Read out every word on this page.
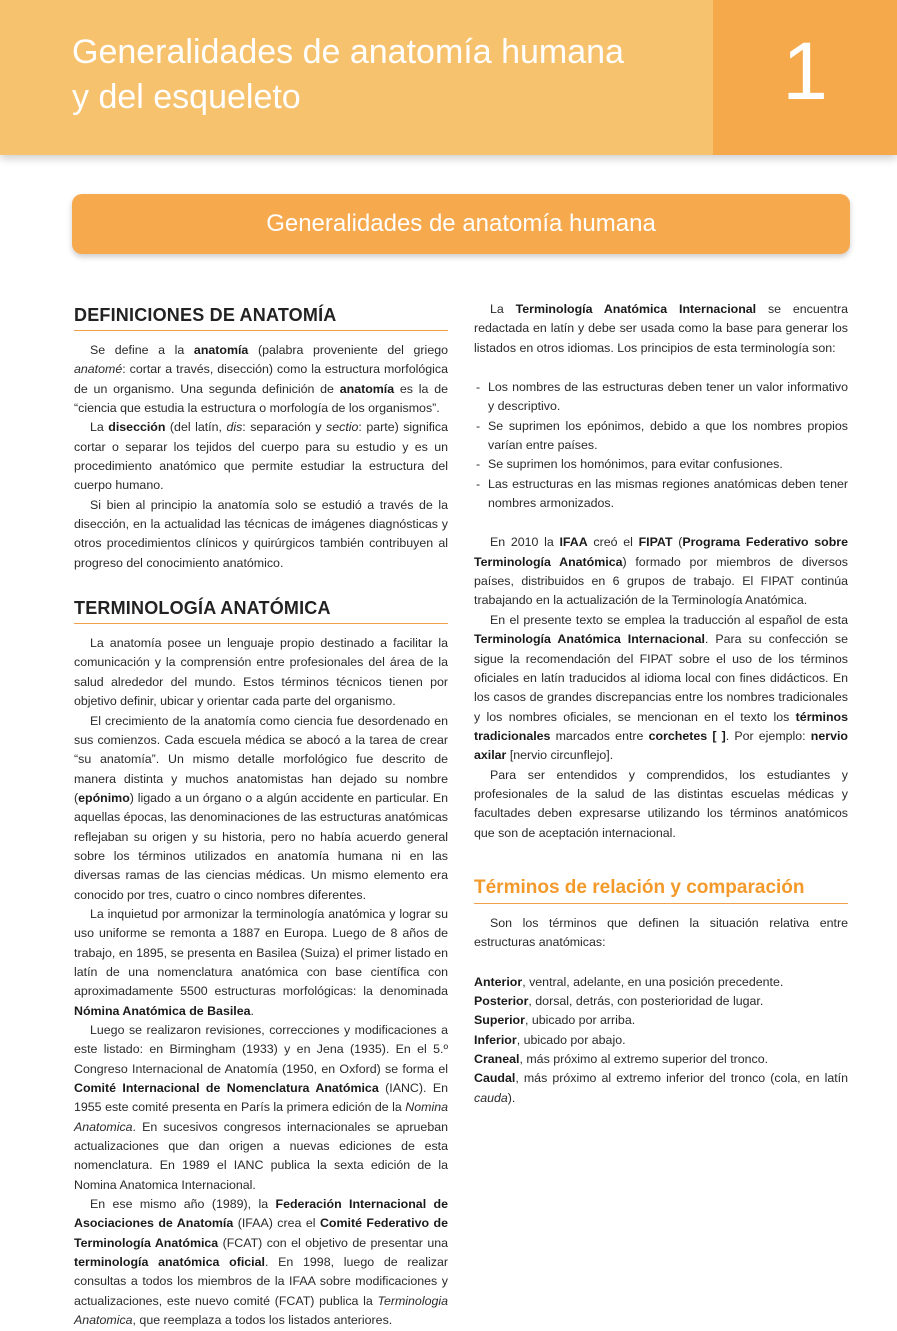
Generalidades de anatomía humana
y del esqueleto	1
Generalidades de anatomía humana
DEFINICIONES DE ANATOMÍA

Se define a la anatomía (palabra proveniente del griego anatomé: cortar a través, disección) como la estructura morfológica de un organismo. Una segunda definición de anatomía es la de “ciencia que estudia la estructura o morfología de los organismos”.

La disección (del latín, dis: separación y sectio: parte) significa cortar o separar los tejidos del cuerpo para su estudio y es un procedimiento anatómico que permite estudiar la estructura del cuerpo humano.

Si bien al principio la anatomía solo se estudió a través de la disección, en la actualidad las técnicas de imágenes diagnósticas y otros procedimientos clínicos y quirúrgicos también contribuyen al progreso del conocimiento anatómico.

TERMINOLOGÍA ANATÓMICA

La anatomía posee un lenguaje propio destinado a facilitar la comunicación y la comprensión entre profesionales del área de la salud alrededor del mundo. Estos términos técnicos tienen por objetivo definir, ubicar y orientar cada parte del organismo.

El crecimiento de la anatomía como ciencia fue desordenado en sus comienzos. Cada escuela médica se abocó a la tarea de crear “su anatomía”. Un mismo detalle morfológico fue descrito de manera distinta y muchos anatomistas han dejado su nombre (epónimo) ligado a un órgano o a algún accidente en particular. En aquellas épocas, las denominaciones de las estructuras anatómicas reflejaban su origen y su historia, pero no había acuerdo general sobre los términos utilizados en anatomía humana ni en las diversas ramas de las ciencias médicas. Un mismo elemento era conocido por tres, cuatro o cinco nombres diferentes.

La inquietud por armonizar la terminología anatómica y lograr su uso uniforme se remonta a 1887 en Europa. Luego de 8 años de trabajo, en 1895, se presenta en Basilea (Suiza) el primer listado en latín de una nomenclatura anatómica con base científica con aproximadamente 5500 estructuras morfológicas: la denominada Nómina Anatómica de Basilea.

Luego se realizaron revisiones, correcciones y modificaciones a este listado: en Birmingham (1933) y en Jena (1935). En el 5.º Congreso Internacional de Anatomía (1950, en Oxford) se forma el Comité Internacional de Nomenclatura Anatómica (IANC). En 1955 este comité presenta en París la primera edición de la Nomina Anatomica. En sucesivos congresos internacionales se aprueban actualizaciones que dan origen a nuevas ediciones de esta nomenclatura. En 1989 el IANC publica la sexta edición de la Nomina Anatomica Internacional.

En ese mismo año (1989), la Federación Internacional de Asociaciones de Anatomía (IFAA) crea el Comité Federativo de Terminología Anatómica (FCAT) con el objetivo de presentar una terminología anatómica oficial. En 1998, luego de realizar consultas a todos los miembros de la IFAA sobre modificaciones y actualizaciones, este nuevo comité (FCAT) publica la Terminologia Anatomica, que reemplaza a todos los listados anteriores.

La Terminología Anatómica Internacional se encuentra redactada en latín y debe ser usada como la base para generar los listados en otros idiomas. Los principios de esta terminología son:

- Los nombres de las estructuras deben tener un valor informativo y descriptivo.
- Se suprimen los epónimos, debido a que los nombres propios varían entre países.
- Se suprimen los homónimos, para evitar confusiones.
- Las estructuras en las mismas regiones anatómicas deben tener nombres armonizados.

En 2010 la IFAA creó el FIPAT (Programa Federativo sobre Terminología Anatómica) formado por miembros de diversos países, distribuidos en 6 grupos de trabajo. El FIPAT continúa trabajando en la actualización de la Terminología Anatómica.

En el presente texto se emplea la traducción al español de esta Terminología Anatómica Internacional. Para su confección se sigue la recomendación del FIPAT sobre el uso de los términos oficiales en latín traducidos al idioma local con fines didácticos. En los casos de grandes discrepancias entre los nombres tradicionales y los nombres oficiales, se mencionan en el texto los términos tradicionales marcados entre corchetes [ ]. Por ejemplo: nervio axilar [nervio circunflejo].

Para ser entendidos y comprendidos, los estudiantes y profesionales de la salud de las distintas escuelas médicas y facultades deben expresarse utilizando los términos anatómicos que son de aceptación internacional.

Términos de relación y comparación

Son los términos que definen la situación relativa entre estructuras anatómicas:

Anterior, ventral, adelante, en una posición precedente.
Posterior, dorsal, detrás, con posterioridad de lugar.
Superior, ubicado por arriba.
Inferior, ubicado por abajo.
Craneal, más próximo al extremo superior del tronco.
Caudal, más próximo al extremo inferior del tronco (cola, en latín cauda).
